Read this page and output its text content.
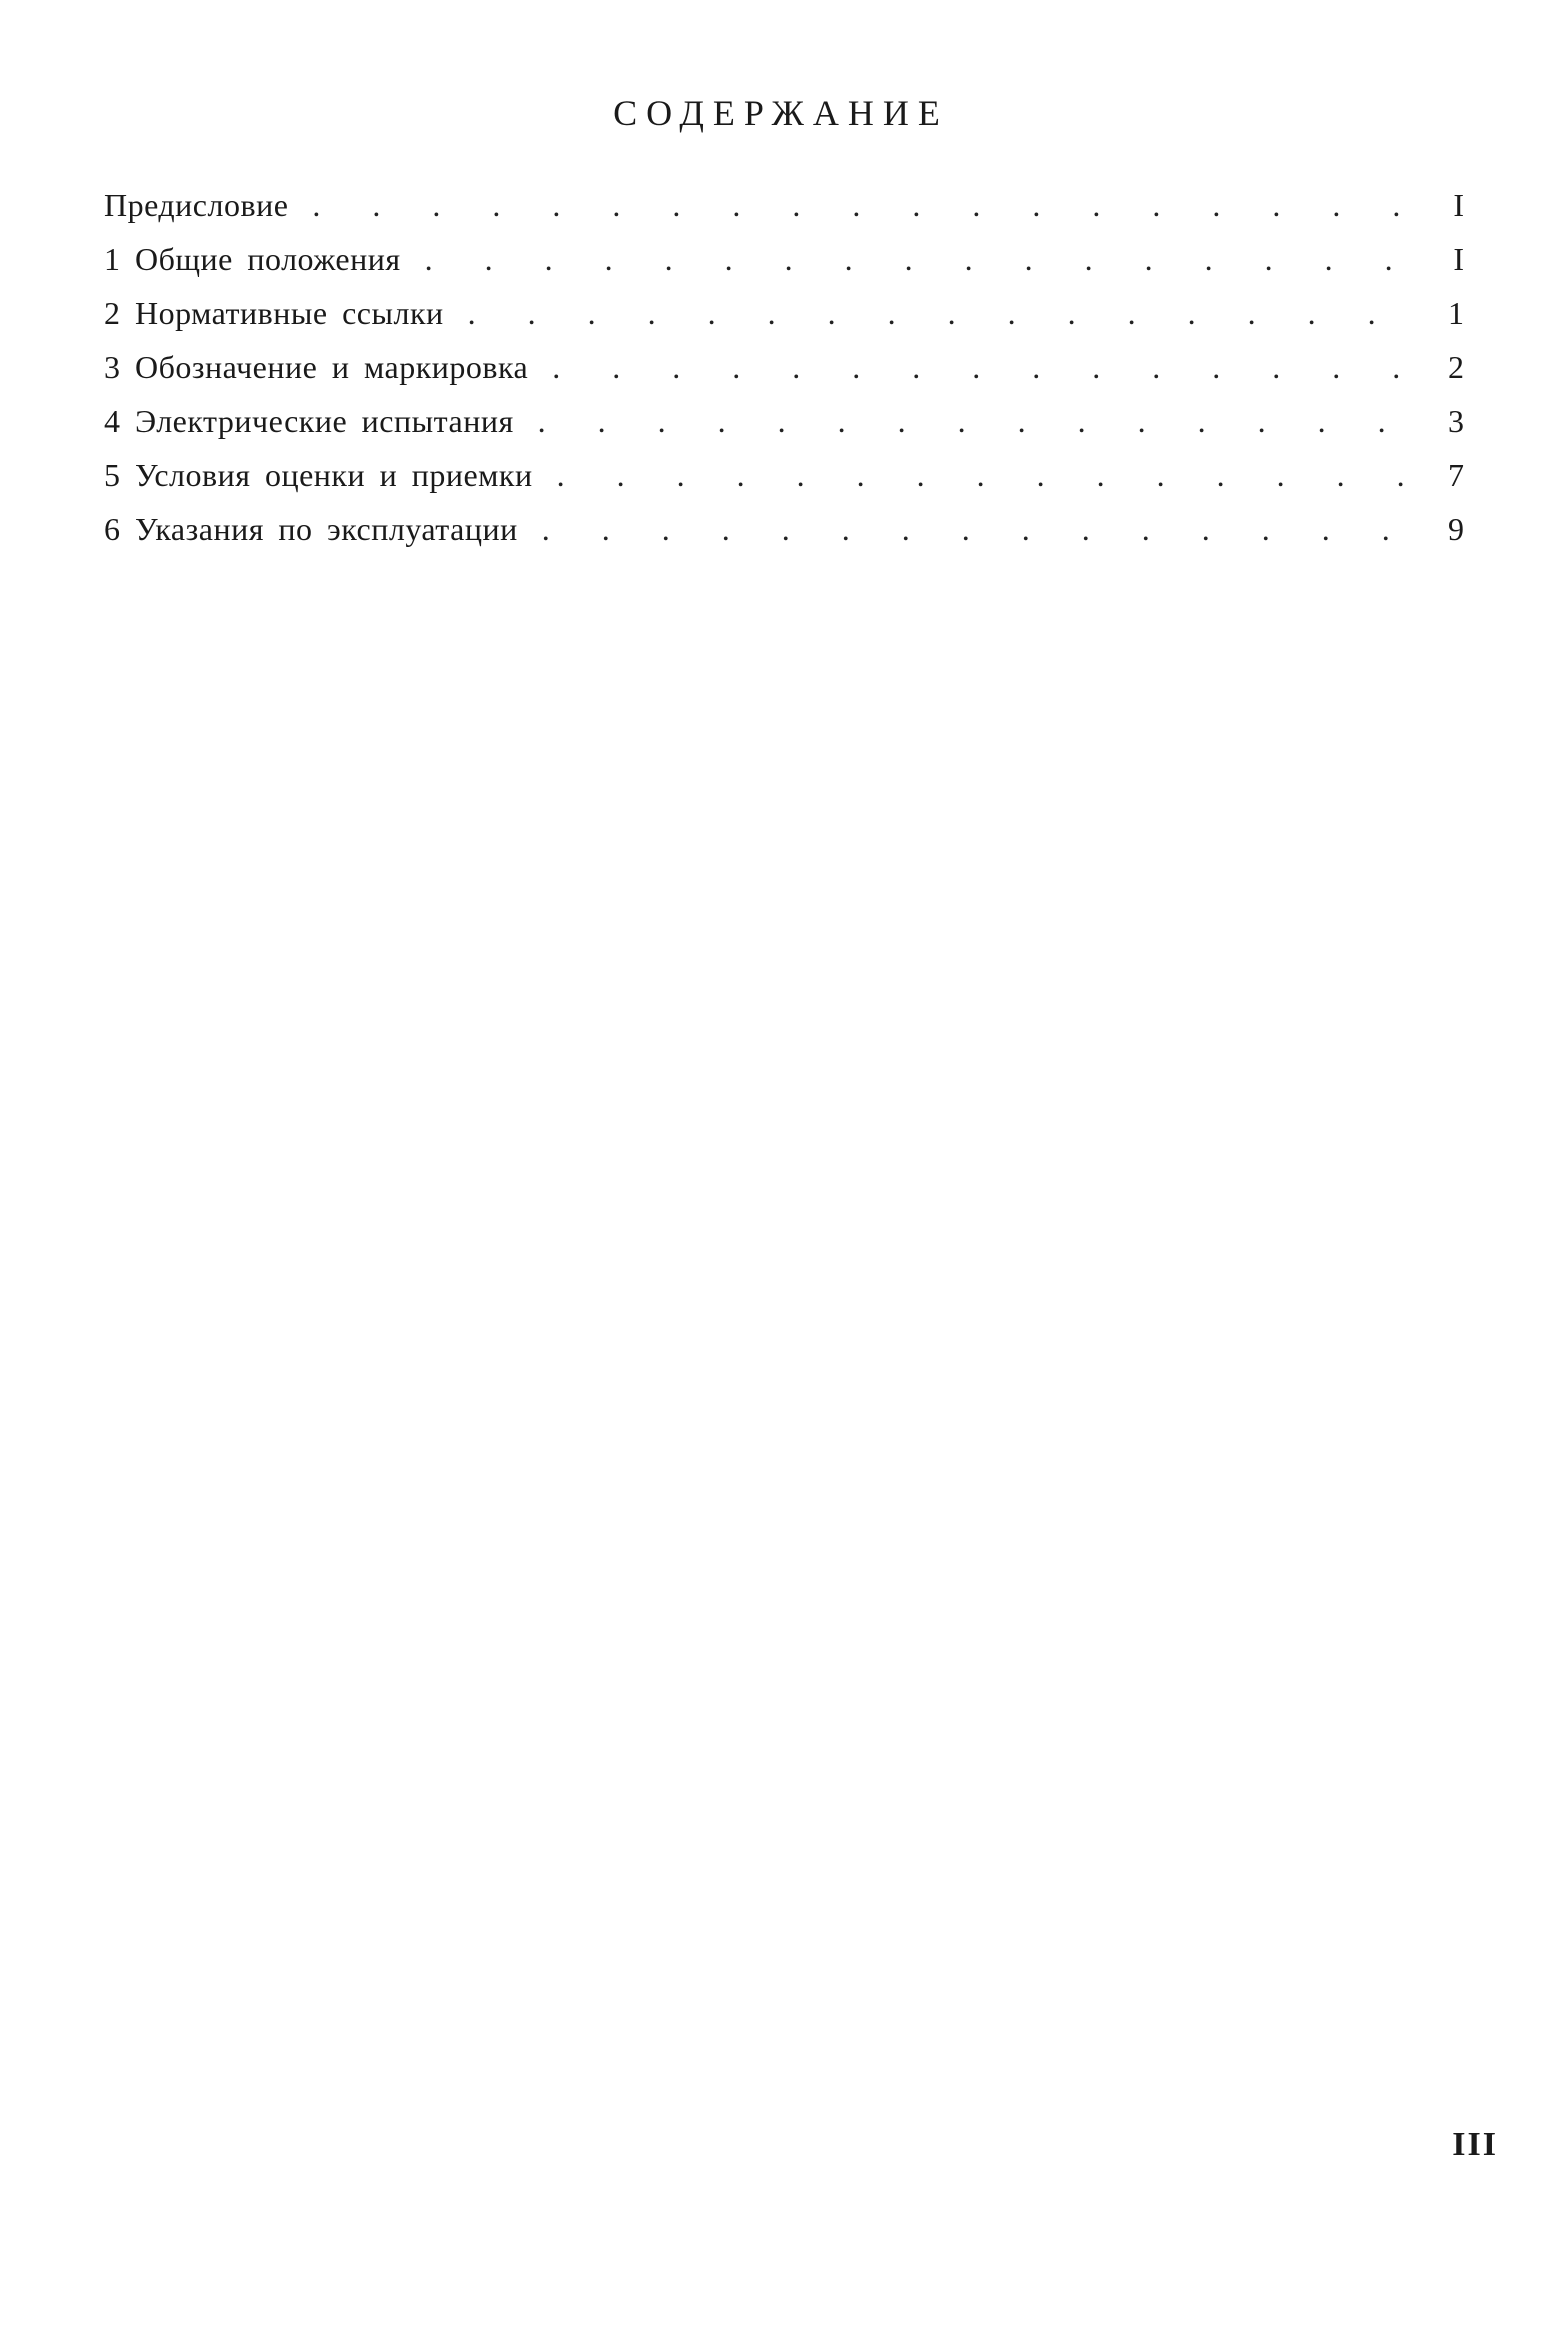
СОДЕРЖАНИЕ
Предисловие . . .	I
1 Общие положения . . .	I
2 Нормативные ссылки . . .	1
3 Обозначение и маркировка . . .	2
4 Электрические испытания . . .	3
5 Условия оценки и приемки . . .	7
6 Указания по эксплуатации . . .	9
III
